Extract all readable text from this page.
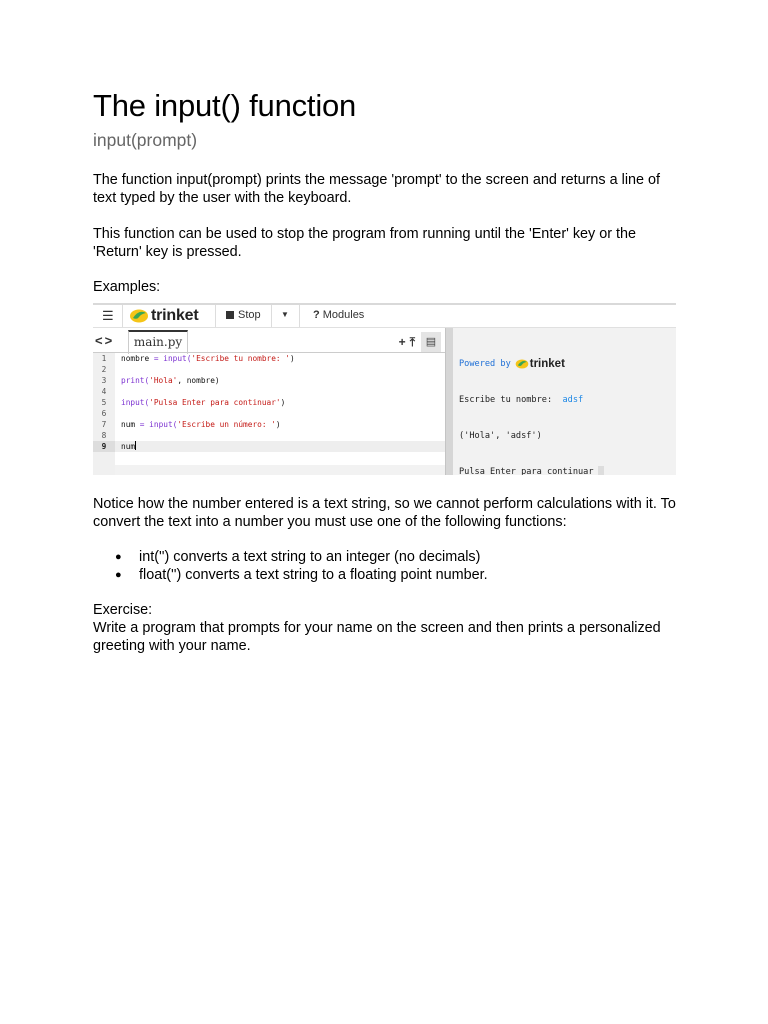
The input() function
input(prompt)

The function input(prompt) prints the message 'prompt' to the screen and returns a line of text typed by the user with the keyboard.

This function can be used to stop the program from running until the 'Enter' key or the 'Return' key is pressed.

Examples:

☰ trinket	Stop	▼ ? Modules
<>	main.py	+ ⤒ ▤
1 nombre = input('Escribe tu nombre: ')
2
3 print('Hola', nombre)
4
5 input('Pulsa Enter para continuar')
6
7 num = input('Escribe un número: ')
8
9 num

Powered by trinket

Escribe tu nombre:  adsf

('Hola', 'adsf')

Pulsa Enter para continuar

Notice how the number entered is a text string, so we cannot perform calculations with it. To convert the text into a number you must use one of the following functions:

● int('') converts a text string to an integer (no decimals)
● float('') converts a text string to a floating point number.

Exercise:

Write a program that prompts for your name on the screen and then prints a personalized greeting with your name.
